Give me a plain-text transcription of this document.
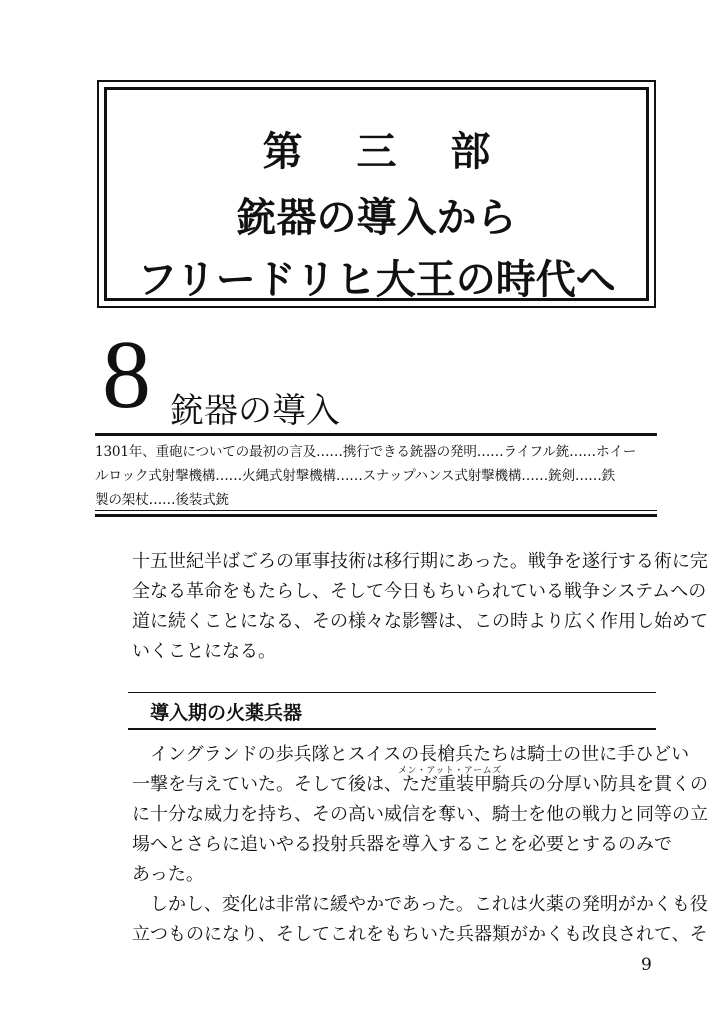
第 三 部
銃器の導入から
フリードリヒ大王の時代へ
8 銃器の導入
1301年、重砲についての最初の言及……携行できる銃器の発明……ライフル銃……ホイー
ルロック式射撃機構……火縄式射撃機構……スナップハンス式射撃機構……銃剣……鉄
製の架杖……後装式銃
十五世紀半ばごろの軍事技術は移行期にあった。戦争を遂行する術に完
全なる革命をもたらし、そして今日もちいられている戦争システムへの
道に続くことになる、その様々な影響は、この時より広く作用し始めて
いくことになる。
導入期の火薬兵器
メン・アット・アームズ
イングランドの歩兵隊とスイスの長槍兵たちは騎士の世に手ひどい
一撃を与えていた。そして後は、ただ重装甲騎兵の分厚い防具を貫くの
に十分な威力を持ち、その高い威信を奪い、騎士を他の戦力と同等の立
場へとさらに追いやる投射兵器を導入することを必要とするのみで
あった。
しかし、変化は非常に緩やかであった。これは火薬の発明がかくも役
立つものになり、そしてこれをもちいた兵器類がかくも改良されて、そ
9
